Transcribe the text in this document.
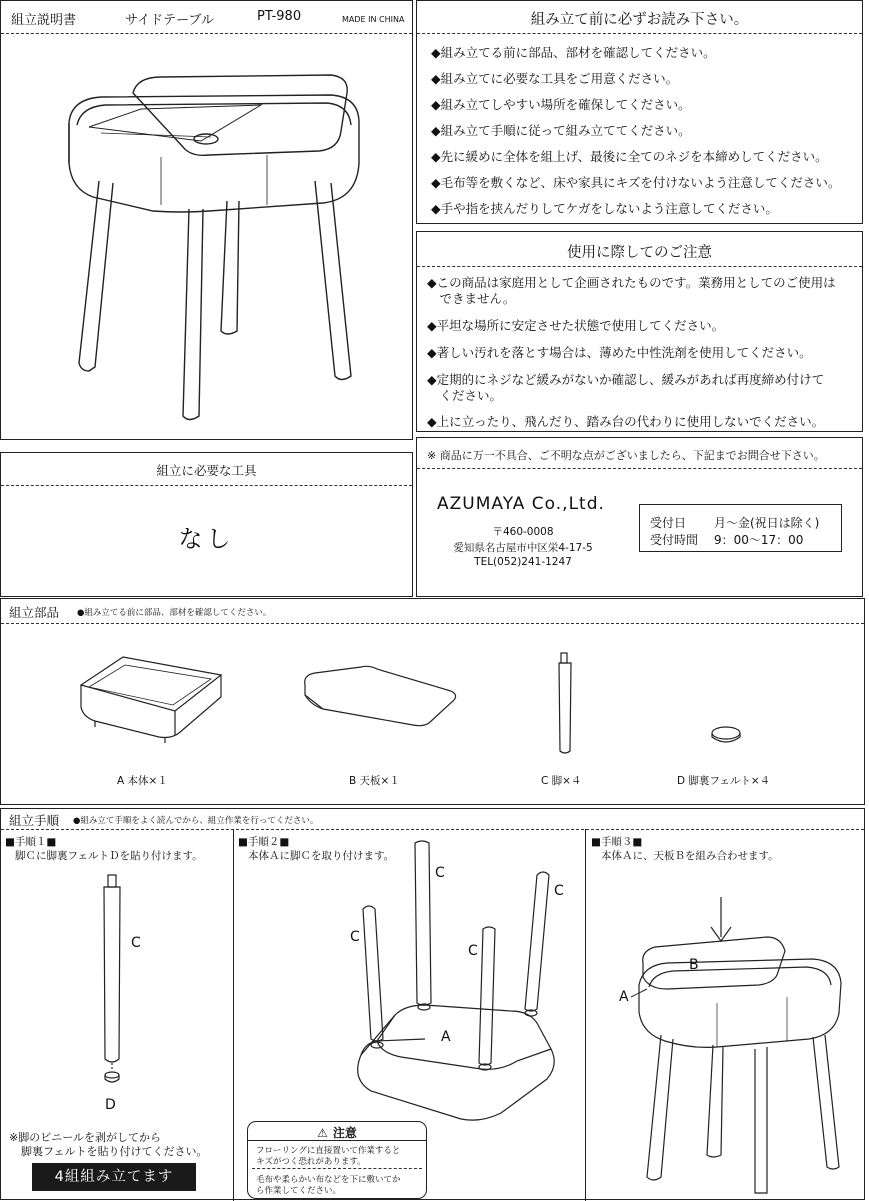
組立説明書	サイドテーブル	PT-980	MADE IN CHINA	組み立て前に必ずお読み下さい。
◆組み立てる前に部品、部材を確認してください。
◆組み立てに必要な工具をご用意ください。
◆組み立てしやすい場所を確保してください。
◆組み立て手順に従って組み立ててください。
◆先に緩めに全体を組上げ、最後に全てのネジを本締めしてください。
◆毛布等を敷くなど、床や家具にキズを付けないよう注意してください。
◆手や指を挟んだりしてケガをしないよう注意してください。
使用に際してのご注意
◆この商品は家庭用として企画されたものです。業務用としてのご使用は
　できません。
◆平坦な場所に安定させた状態で使用してください。
◆著しい汚れを落とす場合は、薄めた中性洗剤を使用してください。
◆定期的にネジなど緩みがないか確認し、緩みがあれば再度締め付けて
　ください。
◆上に立ったり、飛んだり、踏み台の代わりに使用しないでください。
組立に必要な工具
なし
※ 商品に万一不具合、ご不明な点がございましたら、下記までお問合せ下さい。
AZUMAYA Co.,Ltd.
〒460-0008
愛知県名古屋市中区栄4-17-5
TEL(052)241-1247
受付日 月〜金(祝日は除く)
受付時間 9：00〜17：00
組立部品 ●組み立てる前に部品、部材を確認してください。
A 本体×１	B 天板×１	C 脚×４	D 脚裏フェルト×４
組立手順 ●組み立て手順をよく読んでから、組立作業を行ってください。
■手順１■
脚Ｃに脚裏フェルトＤを貼り付けます。
C
D
※脚のビニールを剥がしてから
脚裏フェルトを貼り付けてください。
4組組み立てます
■手順２■
本体Ａに脚Ｃを取り付けます。
C
C
C
C
A
⚠ 注意
フローリングに直接置いて作業すると
キズがつく恐れがあります。
毛布や柔らかい布などを下に敷いてか
ら作業してください。
■手順３■
本体Ａに、天板Ｂを組み合わせます。
B
A
